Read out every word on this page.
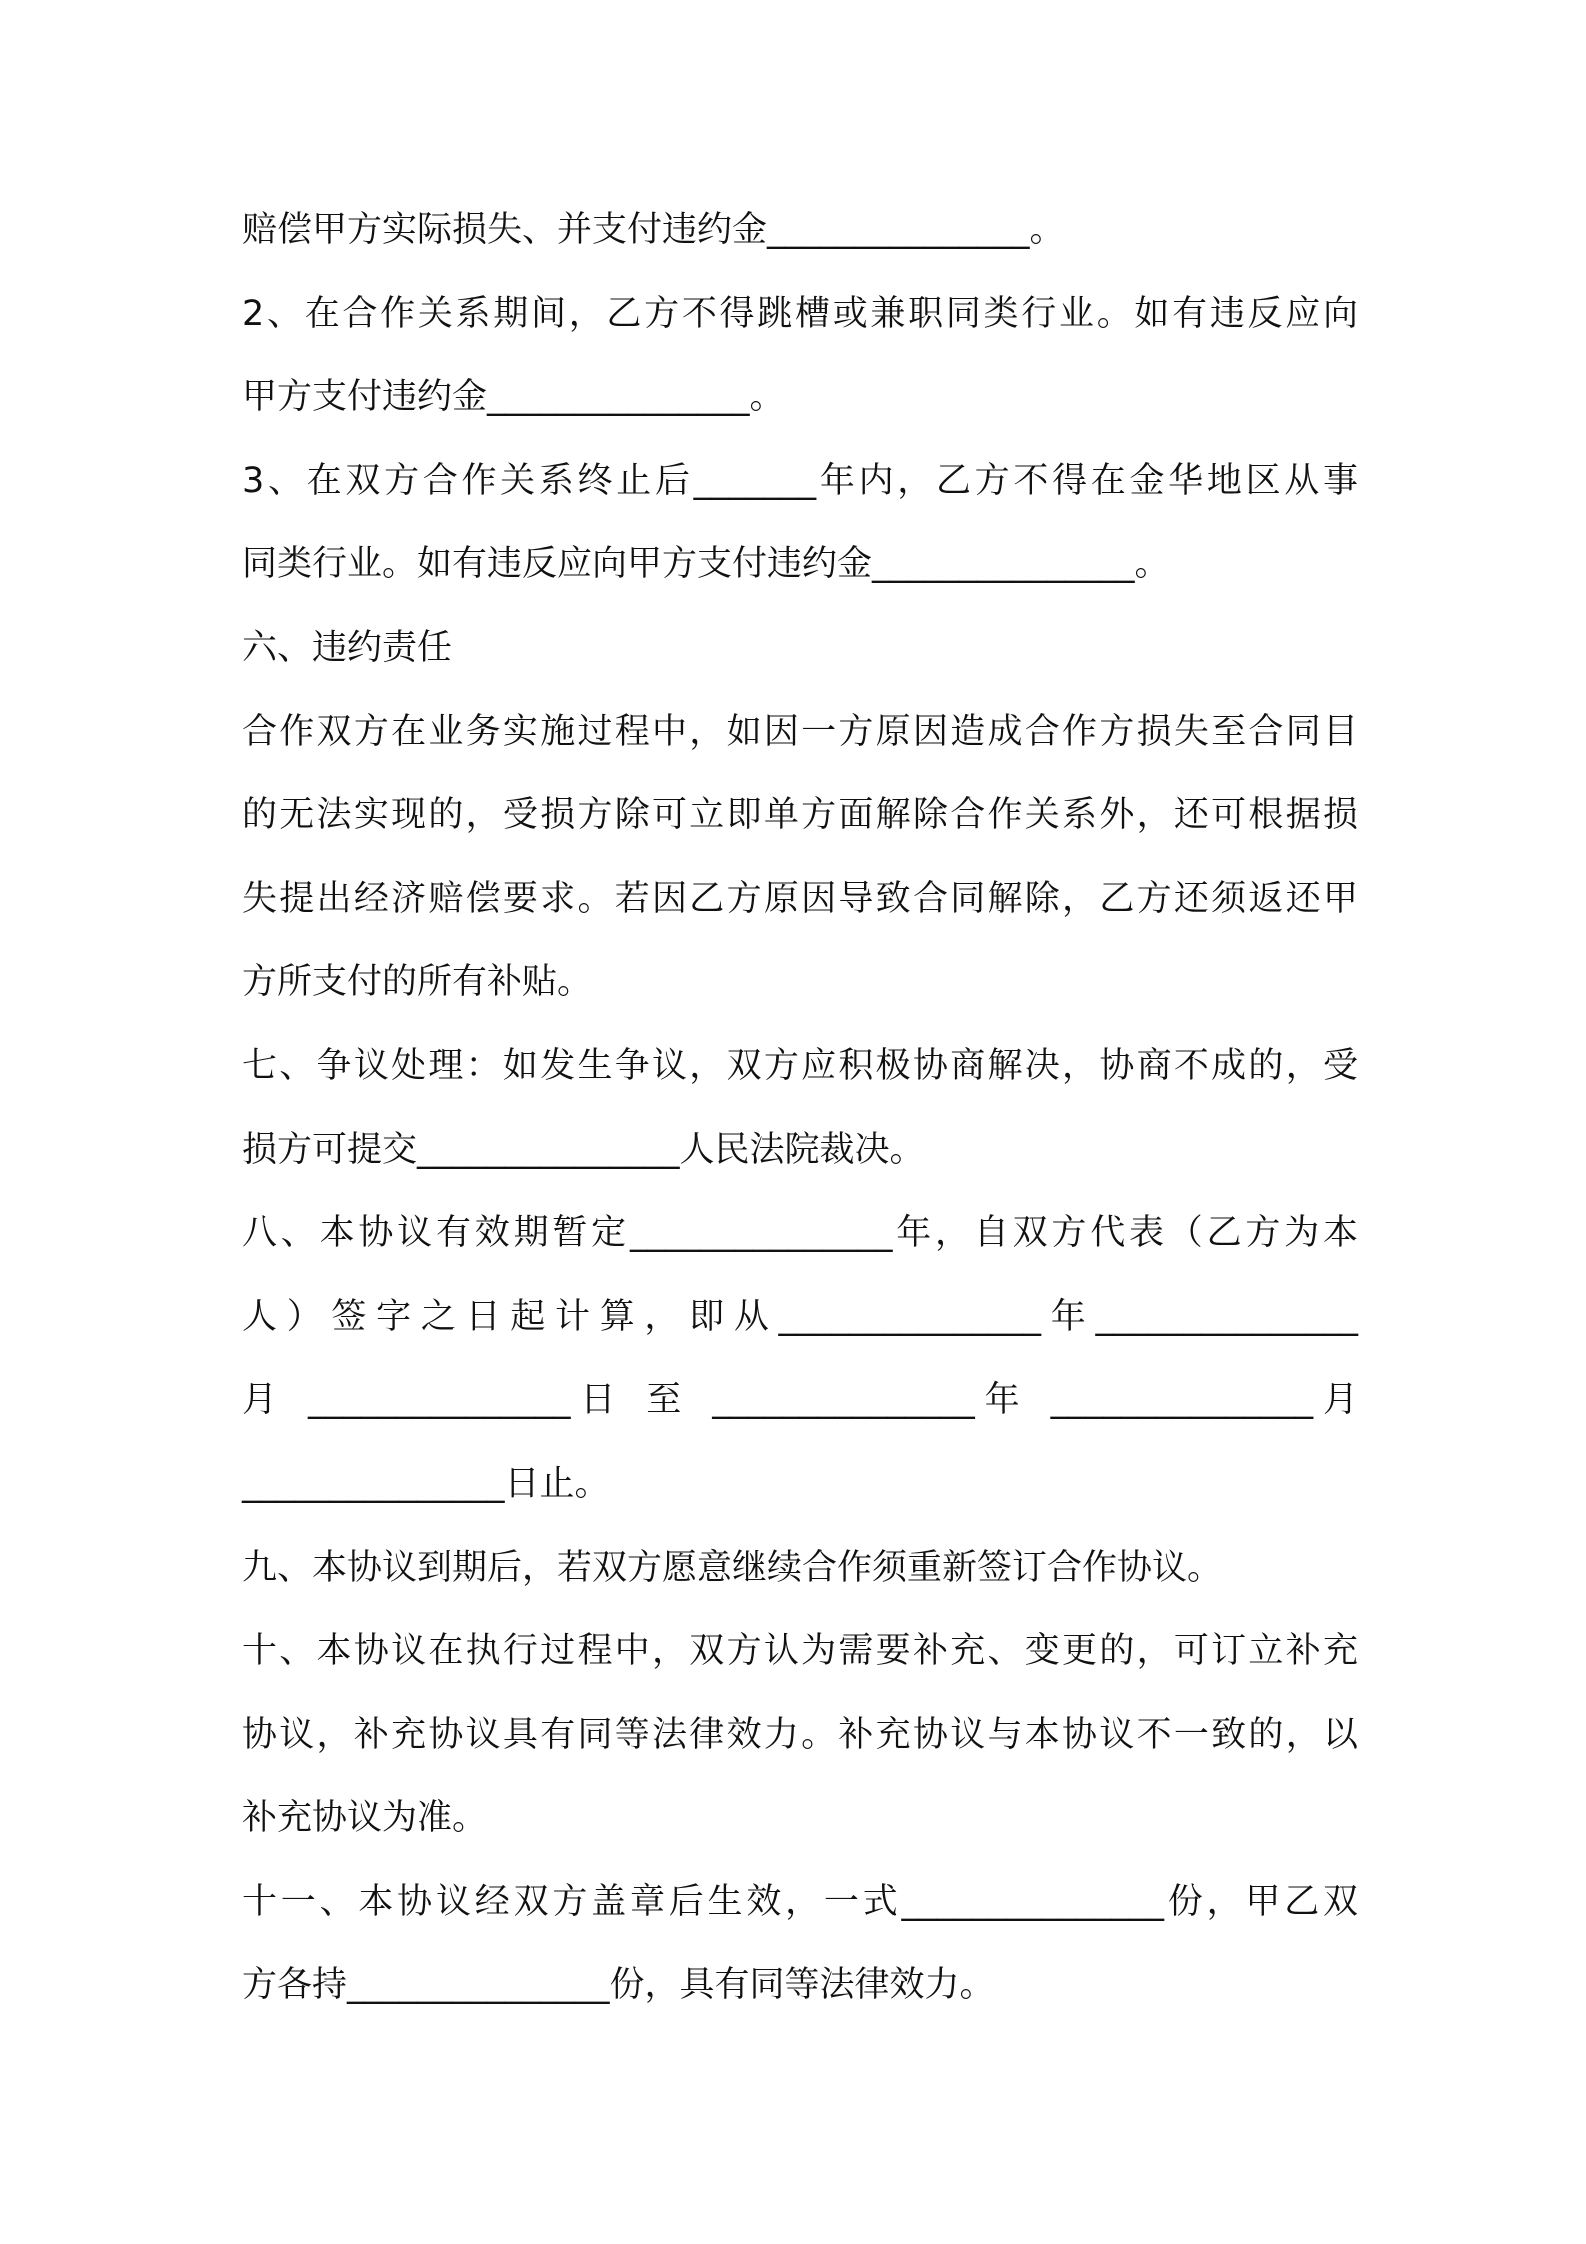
赔偿甲方实际损失、并支付违约金_______________。
2、在合作关系期间，乙方不得跳槽或兼职同类行业。如有违反应向
甲方支付违约金_______________。
3、在双方合作关系终止后_______年内，乙方不得在金华地区从事
同类行业。如有违反应向甲方支付违约金_______________。
六、违约责任
合作双方在业务实施过程中，如因一方原因造成合作方损失至合同目
的无法实现的，受损方除可立即单方面解除合作关系外，还可根据损
失提出经济赔偿要求。若因乙方原因导致合同解除，乙方还须返还甲
方所支付的所有补贴。
七、争议处理：如发生争议，双方应积极协商解决，协商不成的，受
损方可提交_______________人民法院裁决。
八、本协议有效期暂定_______________年，自双方代表（乙方为本
人）签字之日起计算，即从_______________年_______________
月 _______________日 至 _______________年 _______________月
_______________日止。
九、本协议到期后，若双方愿意继续合作须重新签订合作协议。
十、本协议在执行过程中，双方认为需要补充、变更的，可订立补充
协议，补充协议具有同等法律效力。补充协议与本协议不一致的，以
补充协议为准。
十一、本协议经双方盖章后生效，一式_______________份，甲乙双
方各持_______________份，具有同等法律效力。
